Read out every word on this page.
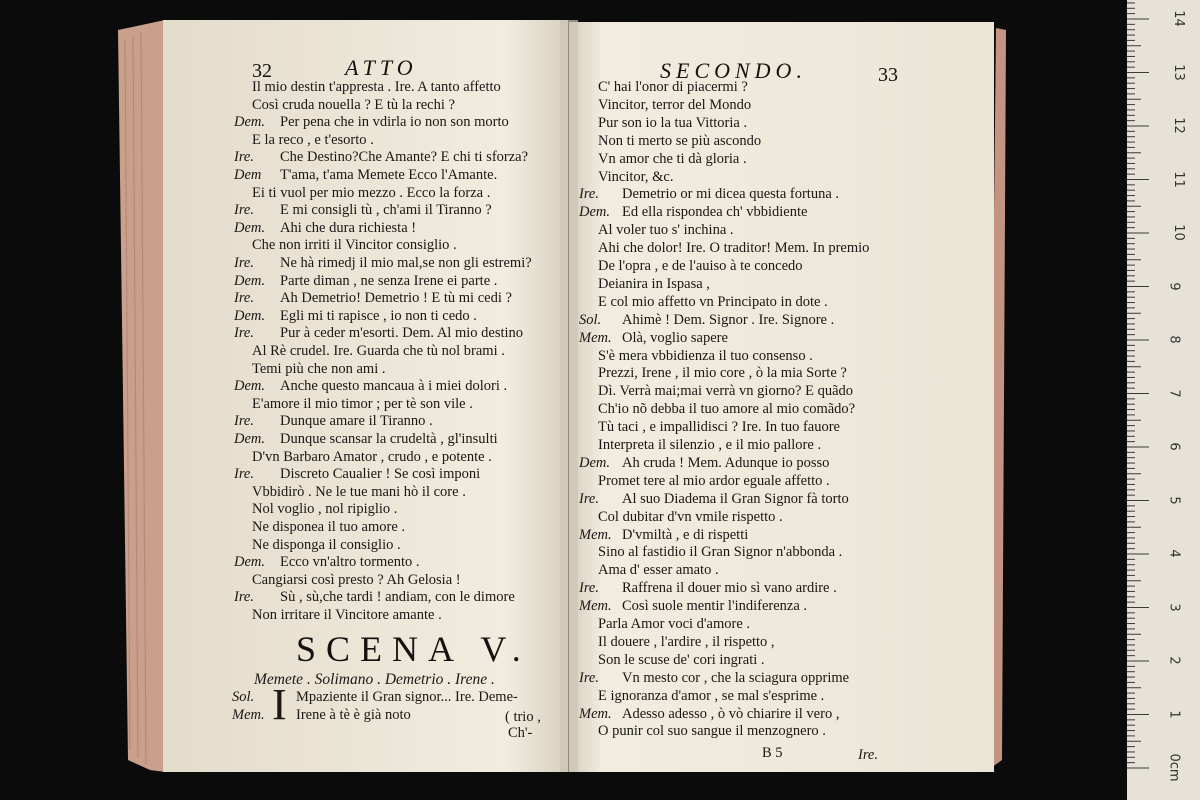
32	ATTO
Il mio destin t'appresta . Ire. A tanto affetto
Così cruda nouella ? E tù la rechi ?
Dem. Per pena che in vdirla io non son morto
E la reco , e t'esorto .
Ire. Che Destino?Che Amante? E chi ti sforza?
Dem T'ama, t'ama Memete Ecco l'Amante.
Ei ti vuol per mio mezzo . Ecco la forza .
Ire. E mi consigli tù , ch'ami il Tiranno ?
Dem. Ahi che dura richiesta !
Che non irriti il Vincitor consiglio .
Ire. Ne hà rimedj il mio mal,se non gli estremi?
Dem. Parte diman , ne senza Irene ei parte .
Ire. Ah Demetrio! Demetrio ! E tù mi cedi ?
Dem. Egli mi ti rapisce , io non ti cedo .
Ire. Pur à ceder m'esorti. Dem. Al mio destino
Al Rè crudel. Ire. Guarda che tù nol brami .
Temi più che non ami .
Dem. Anche questo mancaua à i miei dolori .
E'amore il mio timor ; per tè son vile .
Ire. Dunque amare il Tiranno .
Dem. Dunque scansar la crudeltà , gl'insulti
D'vn Barbaro Amator , crudo , e potente .
Ire. Discreto Caualier ! Se così imponi
Vbbidirò . Ne le tue mani hò il core .
Nol voglio , nol ripiglio .
Ne disponea il tuo amore .
Ne disponga il consiglio .
Dem. Ecco vn'altro tormento .
Cangiarsi così presto ? Ah Gelosia !
Ire. Sù , sù,che tardi ! andiam, con le dimore
Non irritare il Vincitore amante .
SCENA V.
Memete . Solimano . Demetrio . Irene .
Sol. I Mpaziente il Gran signor... Ire. Deme-
Mem. Irene à tè è già noto	( trio ,
Ch'-
SECONDO.	33
C' hai l'onor di piacermi ?
Vincitor, terror del Mondo
Pur son io la tua Vittoria .
Non ti merto se più ascondo
Vn amor che ti dà gloria .
Vincitor, &c.
Ire. Demetrio or mi dicea questa fortuna .
Dem. Ed ella rispondea ch' vbbidiente
Al voler tuo s' inchina .
Ahi che dolor! Ire. O traditor! Mem. In premio
De l'opra , e de l'auiso à te concedo
Deianira in Ispasa ,
E col mio affetto vn Principato in dote .
Sol. Ahimè ! Dem. Signor . Ire. Signore .
Mem. Olà, voglio sapere
S'è mera vbbidienza il tuo consenso .
Prezzi, Irene , il mio core , ò la mia Sorte ?
Dì. Verrà mai;mai verrà vn giorno? E quãdo
Ch'io nõ debba il tuo amore al mio comãdo?
Tù taci , e impallidisci ? Ire. In tuo fauore
Interpreta il silenzio , e il mio pallore .
Dem. Ah cruda ! Mem. Adunque io posso
Promet tere al mio ardor eguale affetto .
Ire. Al suo Diadema il Gran Signor fà torto
Col dubitar d'vn vmile rispetto .
Mem. D'vmiltà , e di rispetti
Sino al fastidio il Gran Signor n'abbonda .
Ama d' esser amato .
Ire. Raffrena il douer mio sì vano ardire .
Mem. Così suole mentir l'indiferenza .
Parla Amor voci d'amore .
Il douere , l'ardire , il rispetto ,
Son le scuse de' cori ingrati .
Ire. Vn mesto cor , che la sciagura opprime
E ignoranza d'amor , se mal s'esprime .
Mem. Adesso adesso , ò vò chiarire il vero ,
O punir col suo sangue il menzognero .
B 5	Ire.	0cm
1
2
3
4
5
6
7
8
9
10
11
12
13
14
